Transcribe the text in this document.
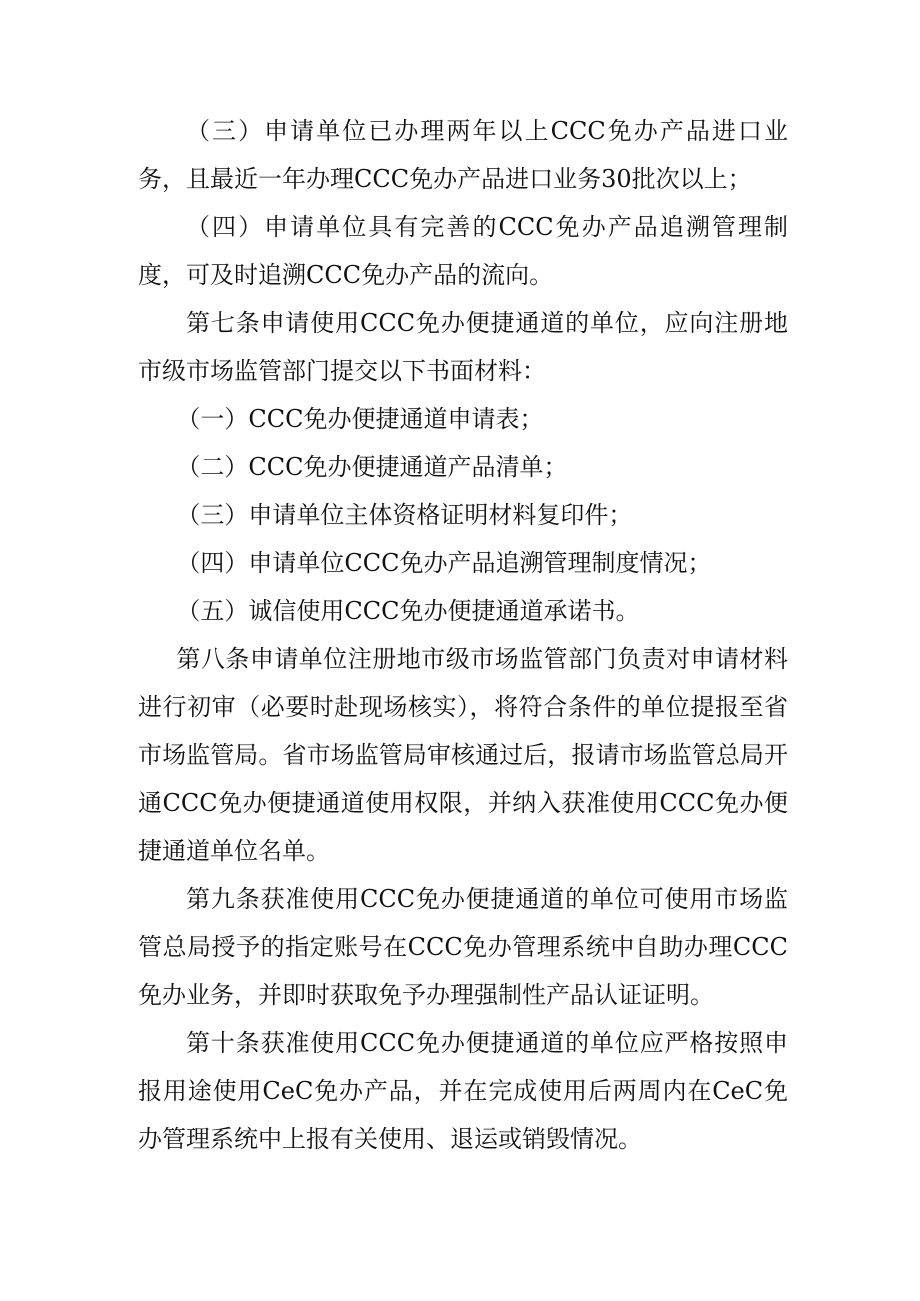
（三）申请单位已办理两年以上CCC免办产品进口业务，且最近一年办理CCC免办产品进口业务30批次以上；

（四）申请单位具有完善的CCC免办产品追溯管理制度，可及时追溯CCC免办产品的流向。

第七条申请使用CCC免办便捷通道的单位，应向注册地市级市场监管部门提交以下书面材料：

（一）CCC免办便捷通道申请表；

（二）CCC免办便捷通道产品清单；

（三）申请单位主体资格证明材料复印件；

（四）申请单位CCC免办产品追溯管理制度情况；

（五）诚信使用CCC免办便捷通道承诺书。

第八条申请单位注册地市级市场监管部门负责对申请材料进行初审（必要时赴现场核实），将符合条件的单位提报至省市场监管局。省市场监管局审核通过后，报请市场监管总局开通CCC免办便捷通道使用权限，并纳入获准使用CCC免办便捷通道单位名单。

第九条获准使用CCC免办便捷通道的单位可使用市场监管总局授予的指定账号在CCC免办管理系统中自助办理CCC免办业务，并即时获取免予办理强制性产品认证证明。

第十条获准使用CCC免办便捷通道的单位应严格按照申报用途使用CeC免办产品，并在完成使用后两周内在CeC免办管理系统中上报有关使用、退运或销毁情况。
